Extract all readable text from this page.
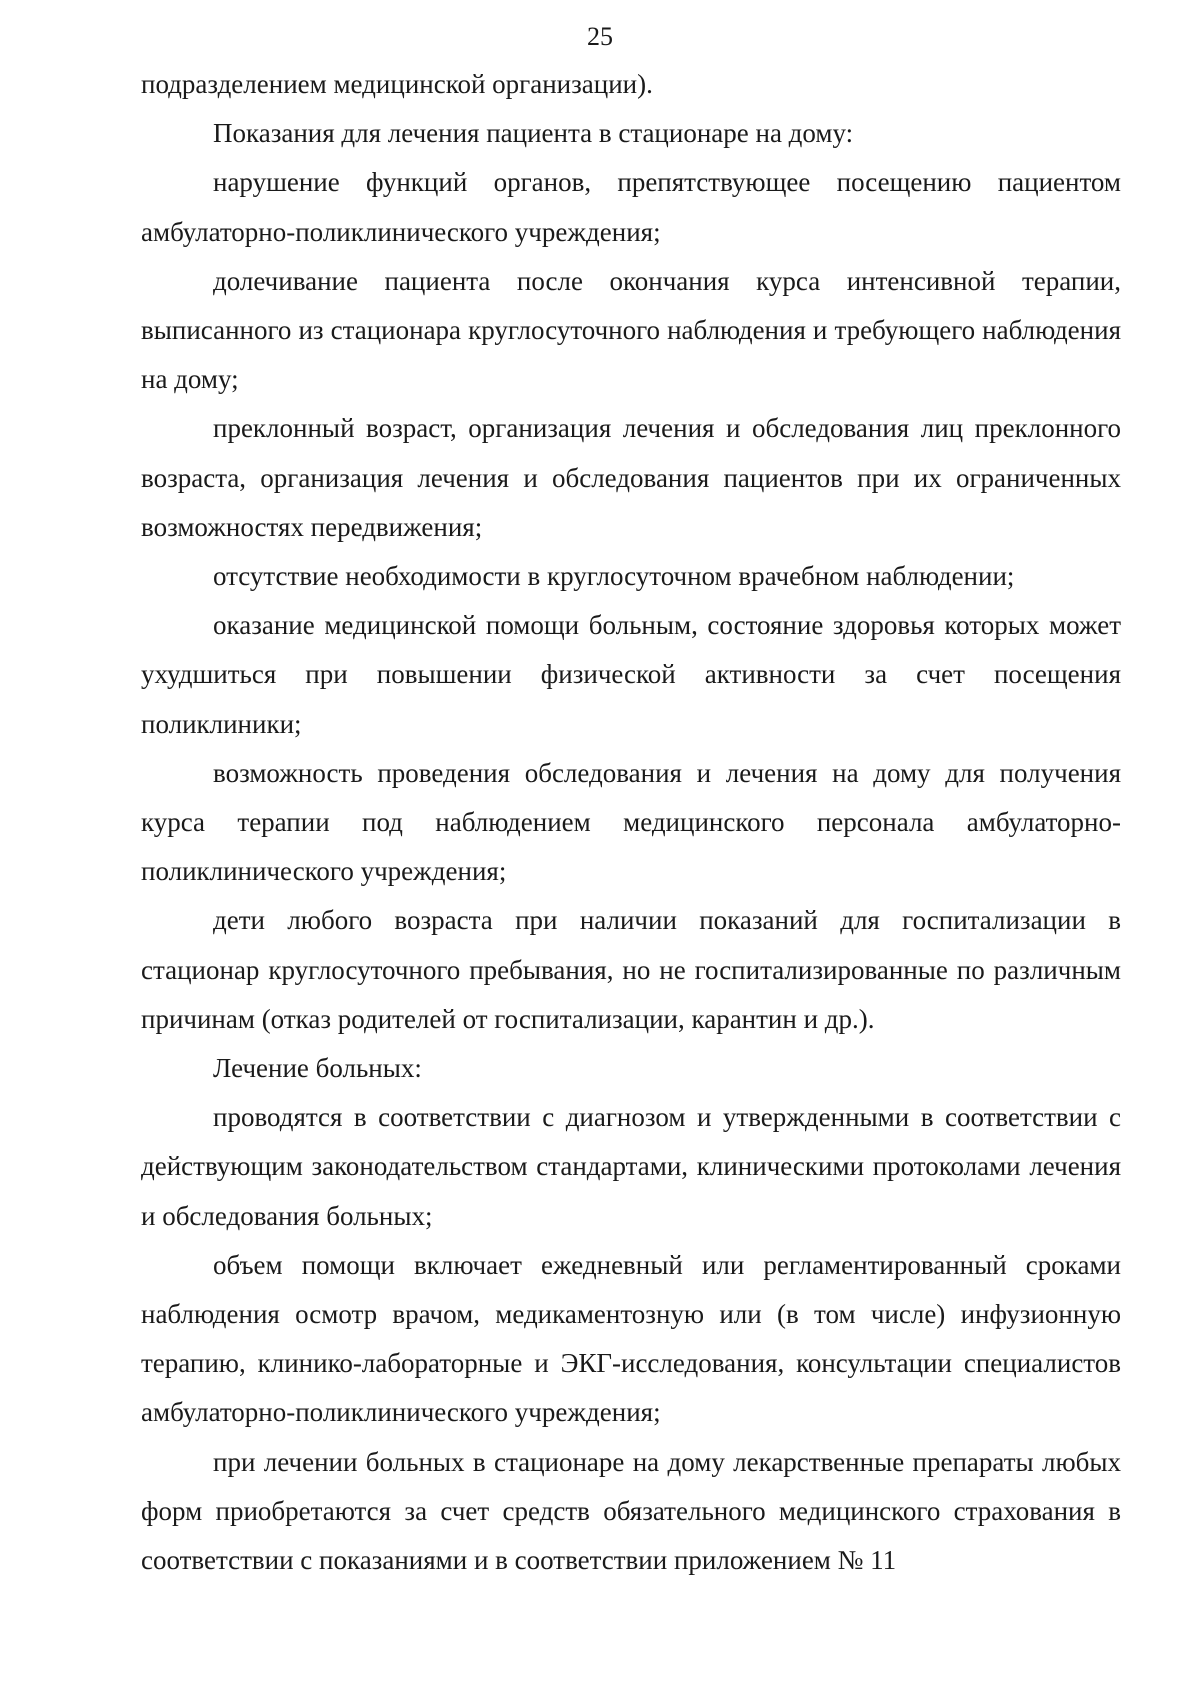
25

подразделением медицинской организации).

Показания для лечения пациента в стационаре на дому:

нарушение функций органов, препятствующее посещению пациентом амбулаторно-поликлинического учреждения;

долечивание пациента после окончания курса интенсивной терапии, выписанного из стационара круглосуточного наблюдения и требующего наблюдения на дому;

преклонный возраст, организация лечения и обследования лиц преклонного возраста, организация лечения и обследования пациентов при их ограниченных возможностях передвижения;

отсутствие необходимости в круглосуточном врачебном наблюдении;

оказание медицинской помощи больным, состояние здоровья которых может ухудшиться при повышении физической активности за счет посещения поликлиники;

возможность проведения обследования и лечения на дому для получения курса терапии под наблюдением медицинского персонала амбулаторно-поликлинического учреждения;

дети любого возраста при наличии показаний для госпитализации в стационар круглосуточного пребывания, но не госпитализированные по различным причинам (отказ родителей от госпитализации, карантин и др.).

Лечение больных:

проводятся в соответствии с диагнозом и утвержденными в соответствии с действующим законодательством стандартами, клиническими протоколами лечения и обследования больных;

объем помощи включает ежедневный или регламентированный сроками наблюдения осмотр врачом, медикаментозную или (в том числе) инфузионную терапию, клинико-лабораторные и ЭКГ-исследования, консультации специалистов амбулаторно-поликлинического учреждения;

при лечении больных в стационаре на дому лекарственные препараты любых форм приобретаются за счет средств обязательного медицинского страхования в соответствии с показаниями и в соответствии приложением № 11
